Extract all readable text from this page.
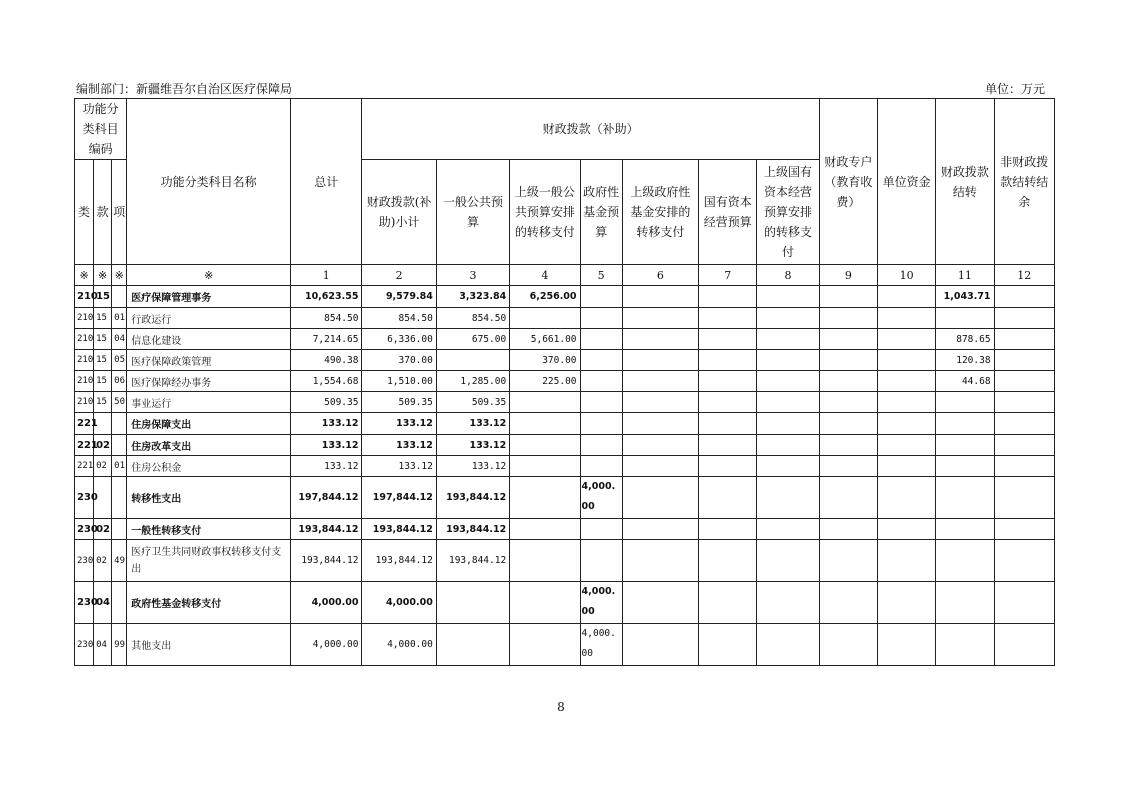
编制部门：新疆维吾尔自治区医疗保障局	单位：万元
功能分类科目编码			功能分类科目名称	总计	财政拨款（补助）							财政专户（教育收费）	单位资金	财政拨款结转	非财政拨款结转结余
类	款	项			财政拨款(补助)小计	一般公共预算	上级一般公共预算安排的转移支付	政府性基金预算	上级政府性基金安排的转移支付	国有资本经营预算	上级国有资本经营预算安排的转移支付				
※	※	※	※	1	2	3	4	5	6	7	8	9	10	11	12
210	15		医疗保障管理事务	10,623.55	9,579.84	3,323.84	6,256.00							1,043.71	
210	15	01	行政运行	854.50	854.50	854.50									
210	15	04	信息化建设	7,214.65	6,336.00	675.00	5,661.00							878.65	
210	15	05	医疗保障政策管理	490.38	370.00		370.00							120.38	
210	15	06	医疗保障经办事务	1,554.68	1,510.00	1,285.00	225.00							44.68	
210	15	50	事业运行	509.35	509.35	509.35									
221			住房保障支出	133.12	133.12	133.12									
221	02		住房改革支出	133.12	133.12	133.12									
221	02	01	住房公积金	133.12	133.12	133.12									
230			转移性支出	197,844.12	197,844.12	193,844.12		4,000.00							
230	02		一般性转移支付	193,844.12	193,844.12	193,844.12									
230	02	49	医疗卫生共同财政事权转移支付支出	193,844.12	193,844.12	193,844.12									
230	04		政府性基金转移支付	4,000.00	4,000.00			4,000.00							
230	04	99	其他支出	4,000.00	4,000.00			4,000.00							
8
